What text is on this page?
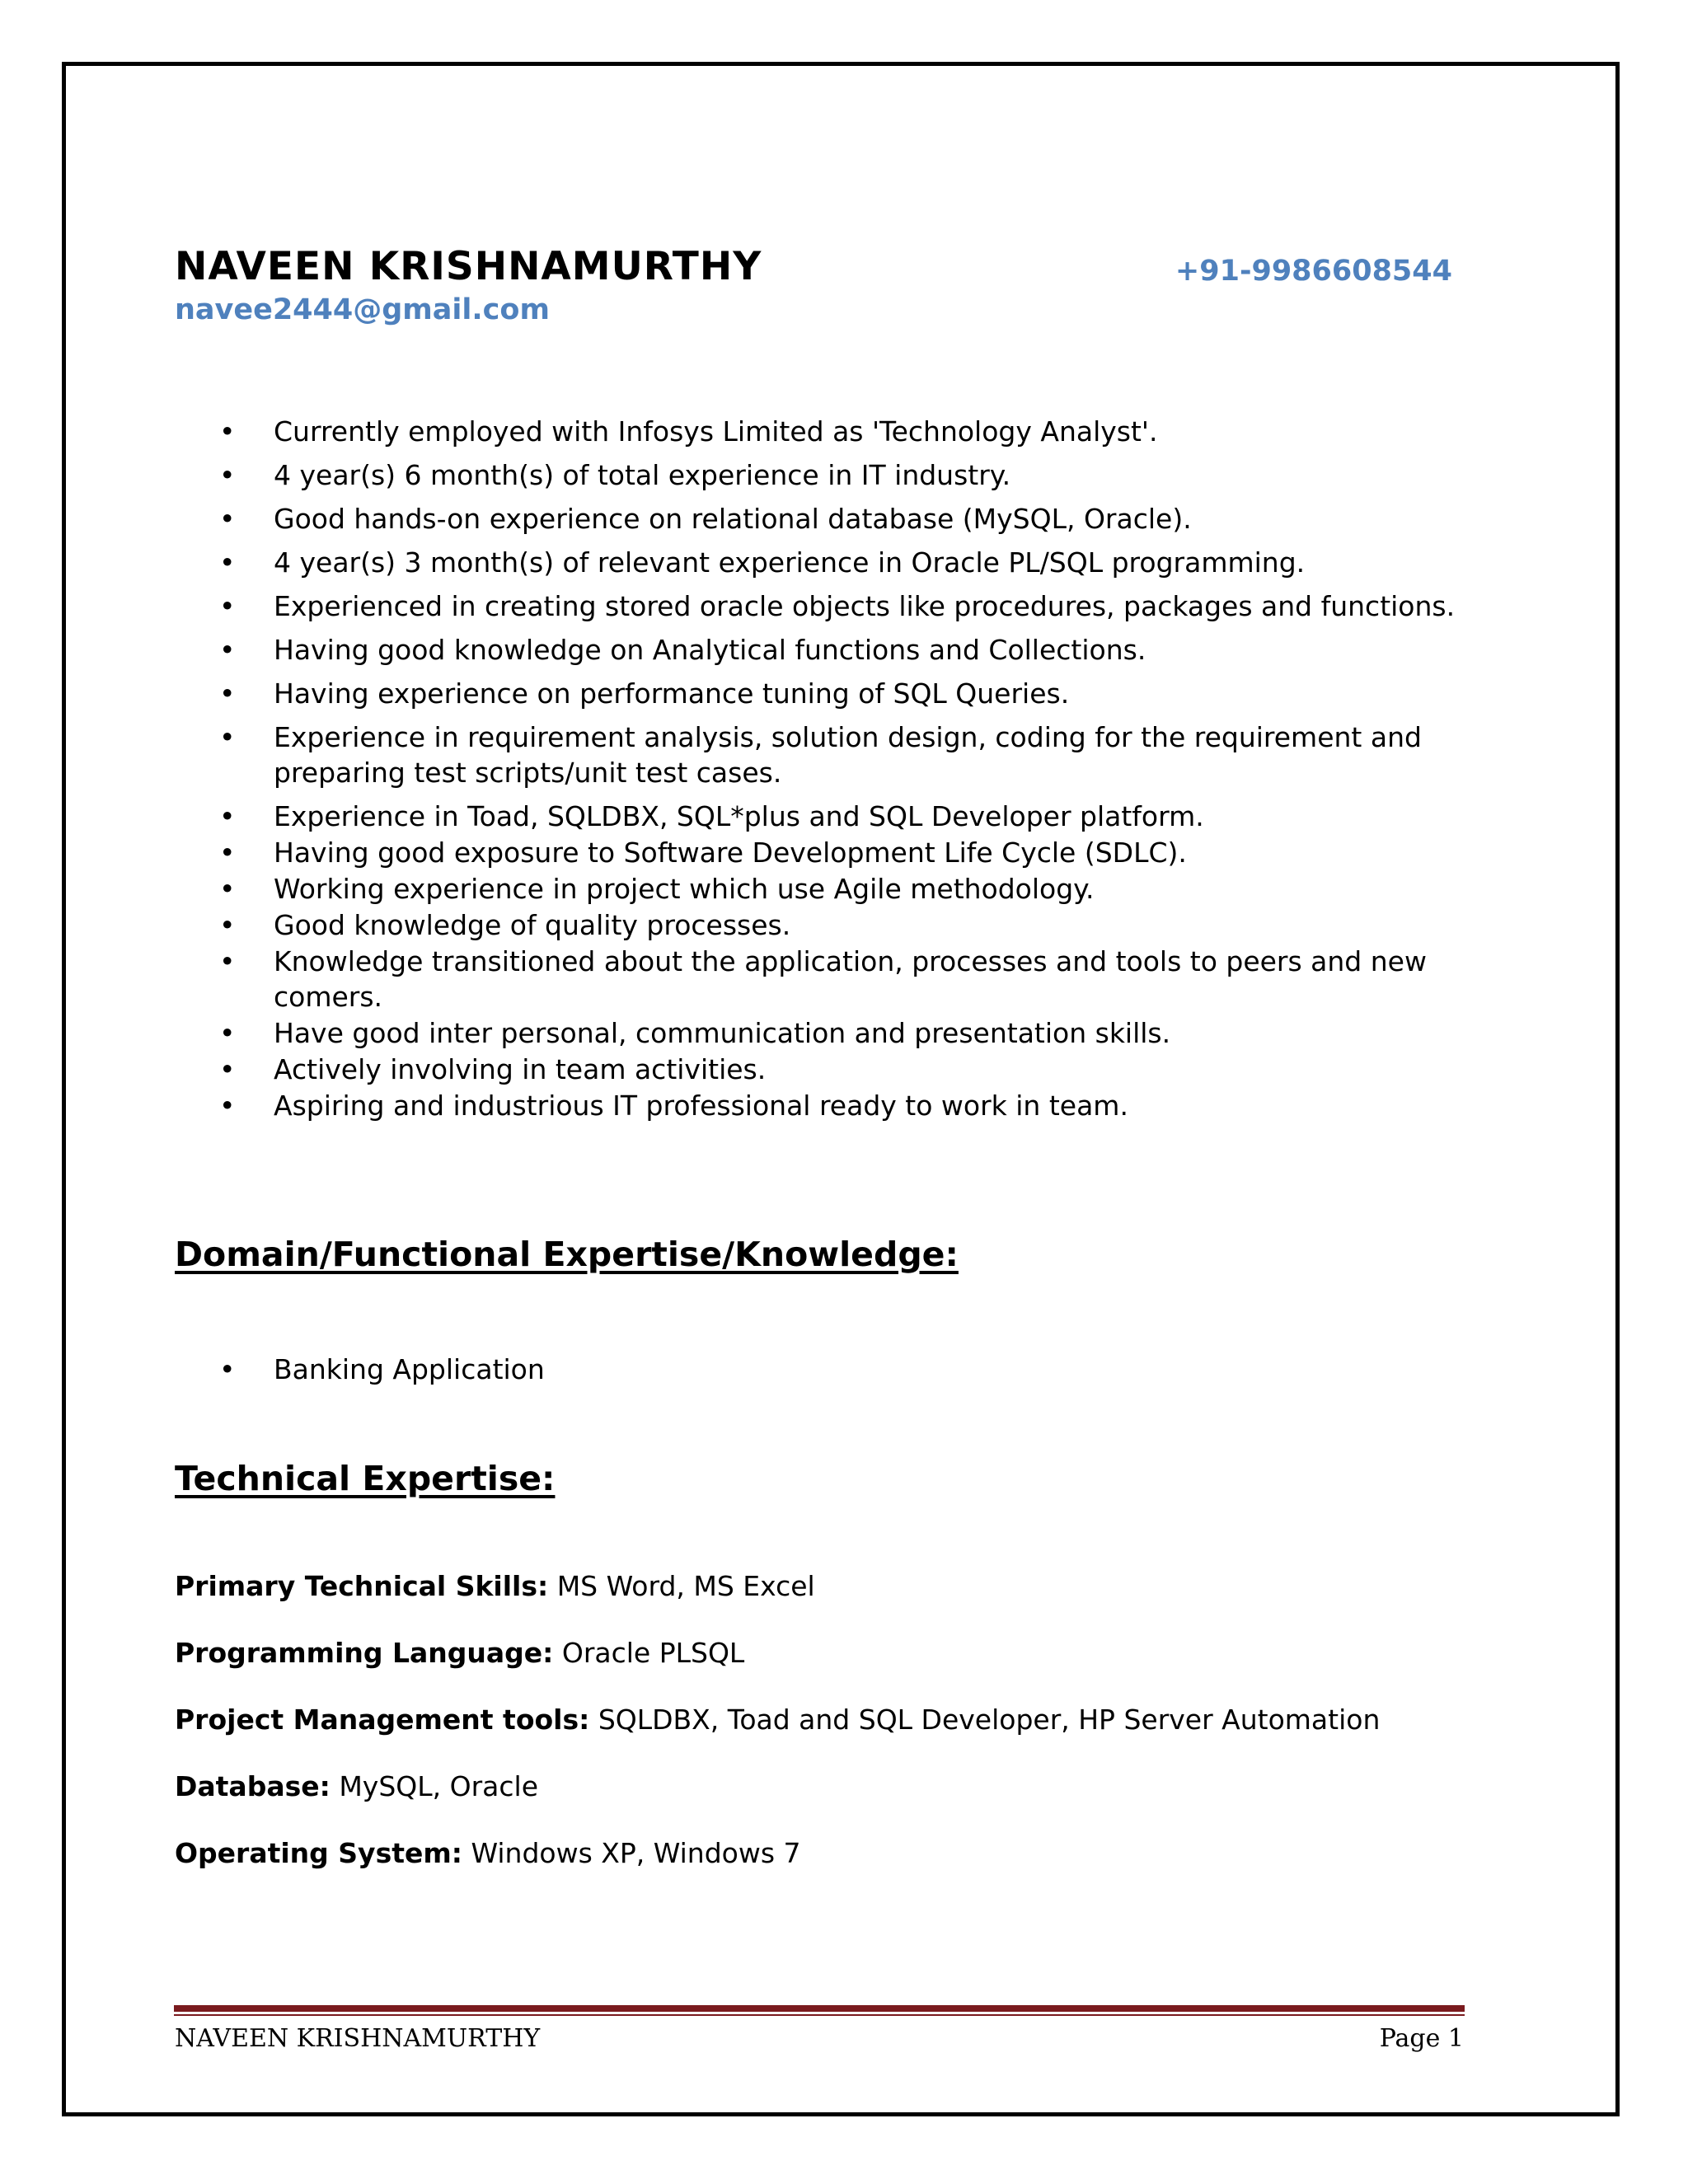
NAVEEN KRISHNAMURTHY	+91-9986608544
navee2444@gmail.com
• Currently employed with Infosys Limited as 'Technology Analyst'.
• 4 year(s) 6 month(s) of total experience in IT industry.
• Good hands-on experience on relational database (MySQL, Oracle).
• 4 year(s) 3 month(s) of relevant experience in Oracle PL/SQL programming.
• Experienced in creating stored oracle objects like procedures, packages and functions.
• Having good knowledge on Analytical functions and Collections.
• Having experience on performance tuning of SQL Queries.
• Experience in requirement analysis, solution design, coding for the requirement and preparing test scripts/unit test cases.
• Experience in Toad, SQLDBX, SQL*plus and SQL Developer platform.
• Having good exposure to Software Development Life Cycle (SDLC).
• Working experience in project which use Agile methodology.
• Good knowledge of quality processes.
• Knowledge transitioned about the application, processes and tools to peers and new comers.
• Have good inter personal, communication and presentation skills.
• Actively involving in team activities.
• Aspiring and industrious IT professional ready to work in team.
Domain/Functional Expertise/Knowledge:
• Banking Application
Technical Expertise:
Primary Technical Skills: MS Word, MS Excel
Programming Language: Oracle PLSQL
Project Management tools: SQLDBX, Toad and SQL Developer, HP Server Automation
Database: MySQL, Oracle
Operating System: Windows XP, Windows 7
NAVEEN KRISHNAMURTHY	Page 1
